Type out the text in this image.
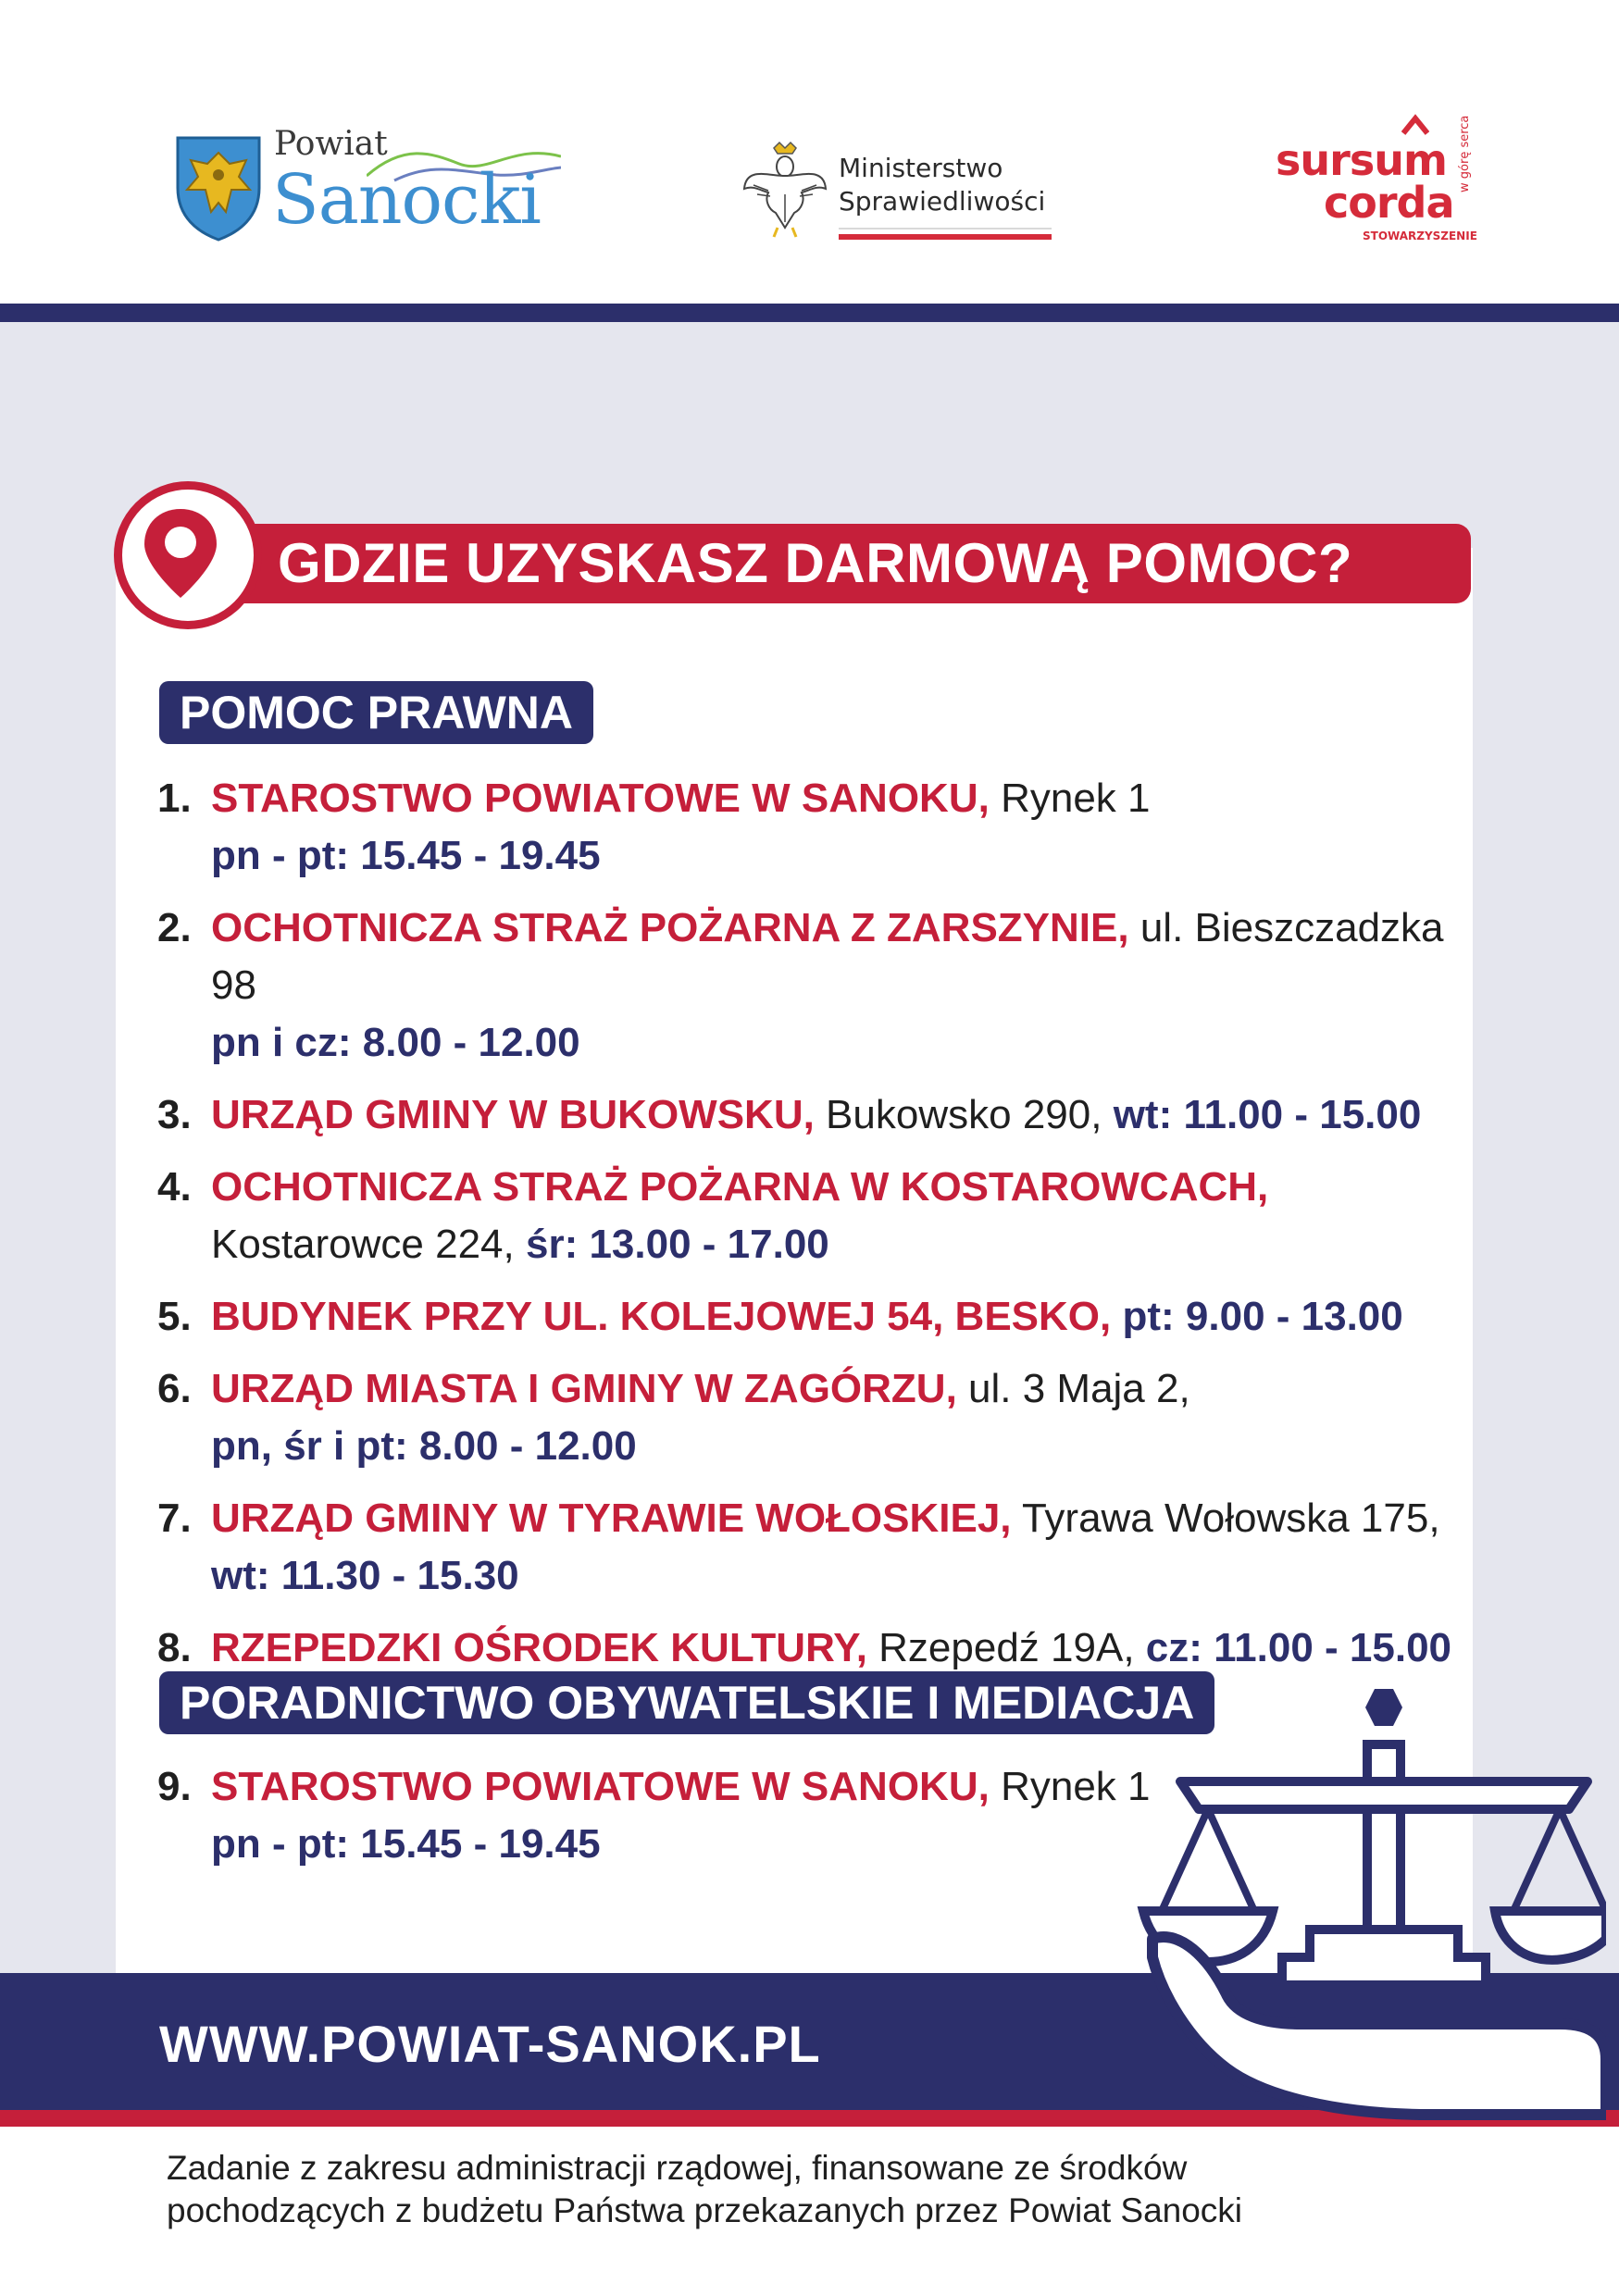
Powiat
Sanocki	Ministerstwo
Sprawiedliwości
sursum
corda
STOWARZYSZENIE
w górę serca
GDZIE UZYSKASZ DARMOWĄ POMOC?
POMOC PRAWNA
1. STAROSTWO POWIATOWE W SANOKU, Rynek 1
pn - pt: 15.45 - 19.45
2. OCHOTNICZA STRAŻ POŻARNA Z ZARSZYNIE, ul. Bieszczadzka 98
pn i cz: 8.00 - 12.00
3. URZĄD GMINY W BUKOWSKU, Bukowsko 290, wt: 11.00 - 15.00
4. OCHOTNICZA STRAŻ POŻARNA W KOSTAROWCACH,
Kostarowce 224, śr: 13.00 - 17.00
5. BUDYNEK PRZY UL. KOLEJOWEJ 54, BESKO, pt: 9.00 - 13.00
6. URZĄD MIASTA I GMINY W ZAGÓRZU, ul. 3 Maja 2,
pn, śr i pt: 8.00 - 12.00
7. URZĄD GMINY W TYRAWIE WOŁOSKIEJ, Tyrawa Wołowska 175,
wt: 11.30 - 15.30
8. RZEPEDZKI OŚRODEK KULTURY, Rzepedź 19A, cz: 11.00 - 15.00
PORADNICTWO OBYWATELSKIE I MEDIACJA
9. STAROSTWO POWIATOWE W SANOKU, Rynek 1
pn - pt: 15.45 - 19.45
WWW.POWIAT-SANOK.PL
Zadanie z zakresu administracji rządowej, finansowane ze środków
pochodzących z budżetu Państwa przekazanych przez Powiat Sanocki
